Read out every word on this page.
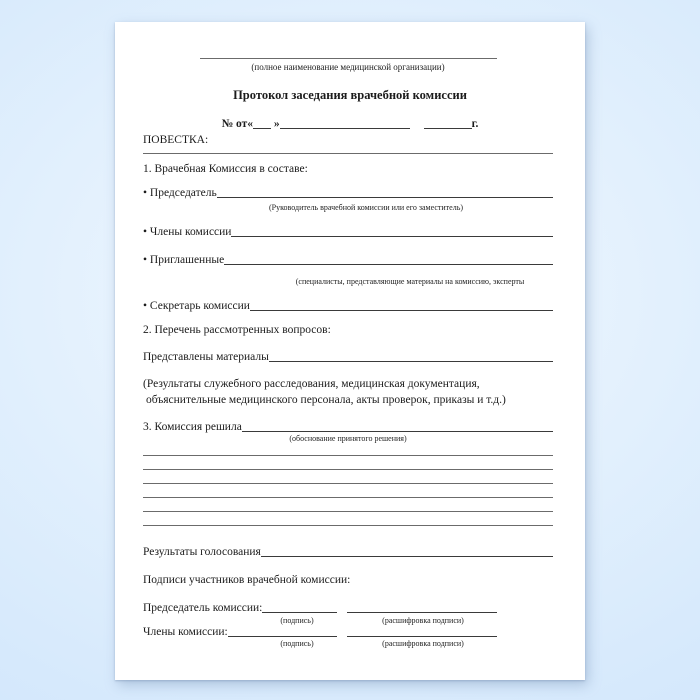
(полное наименование медицинской организации)
Протокол заседания врачебной комиссии
№ от« »	г.
ПОВЕСТКА:
1. Врачебная Комиссия в составе:
• Председатель
(Руководитель врачебной комиссии или его заместитель)
• Члены комиссии
• Приглашенные
(специалисты, представляющие материалы на комиссию, эксперты
• Секретарь комиссии
2. Перечень рассмотренных вопросов:
Представлены материалы
(Результаты служебного расследования, медицинская документация,
объяснительные медицинского персонала, акты проверок, приказы и т.д.)
3. Комиссия решила
(обоснование принятого решения)
Результаты голосования
Подписи участников врачебной комиссии:
Председатель комиссии:
(подпись)	(расшифровка подписи)
Члены комиссии:
(подпись)	(расшифровка подписи)
